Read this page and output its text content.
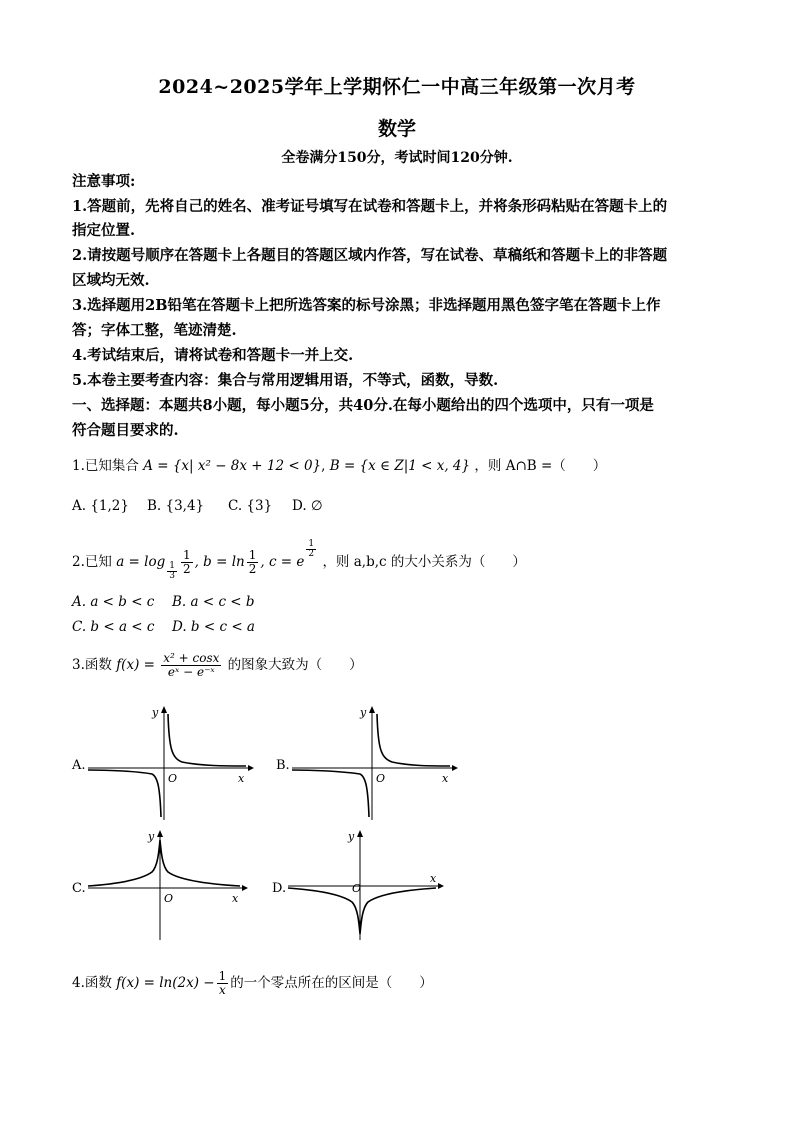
2024~2025学年上学期怀仁一中高三年级第一次月考
数学
全卷满分150分，考试时间120分钟.
注意事项:
1.答题前，先将自己的姓名、准考证号填写在试卷和答题卡上，并将条形码粘贴在答题卡上的
指定位置.
2.请按题号顺序在答题卡上各题目的答题区域内作答，写在试卷、草稿纸和答题卡上的非答题
区域均无效.
3.选择题用2B铅笔在答题卡上把所选答案的标号涂黑；非选择题用黑色签字笔在答题卡上作
答；字体工整，笔迹清楚.
4.考试结束后，请将试卷和答题卡一并上交.
5.本卷主要考查内容：集合与常用逻辑用语，不等式，函数，导数.
一、选择题：本题共8小题，每小题5分，共40分.在每小题给出的四个选项中，只有一项是
符合题目要求的.
1.已知集合 A = {x| x² − 8x + 12 < 0}, B = {x ∈ Z|1 < x, 4} ，则 A∩B =（　　）
A. {1,2} B. {3,4} C. {3} D. ∅
2.已知 $a = \log \frac{1}{3} \frac{1}{2}$ , $b = \ln \frac{1}{2}$ , c = e
$\frac{1}{2}$
，则 a,b,c 的大小关系为（　　）
A. a < b < c B. a < c < b
C. b < a < c D. b < c < a
3.函数 $f(x) = \frac{\text{x² + cosx}}{\text{eˣ − e⁻ˣ}}$ 的图象大致为（　　）
A.
y
x
O
B.
y
x
O
C.
y
x
O
D.
y
x
O
4.函数 $f(x) = \ln(2x) - \frac{1}{x}$ 的一个零点所在的区间是（　　）
